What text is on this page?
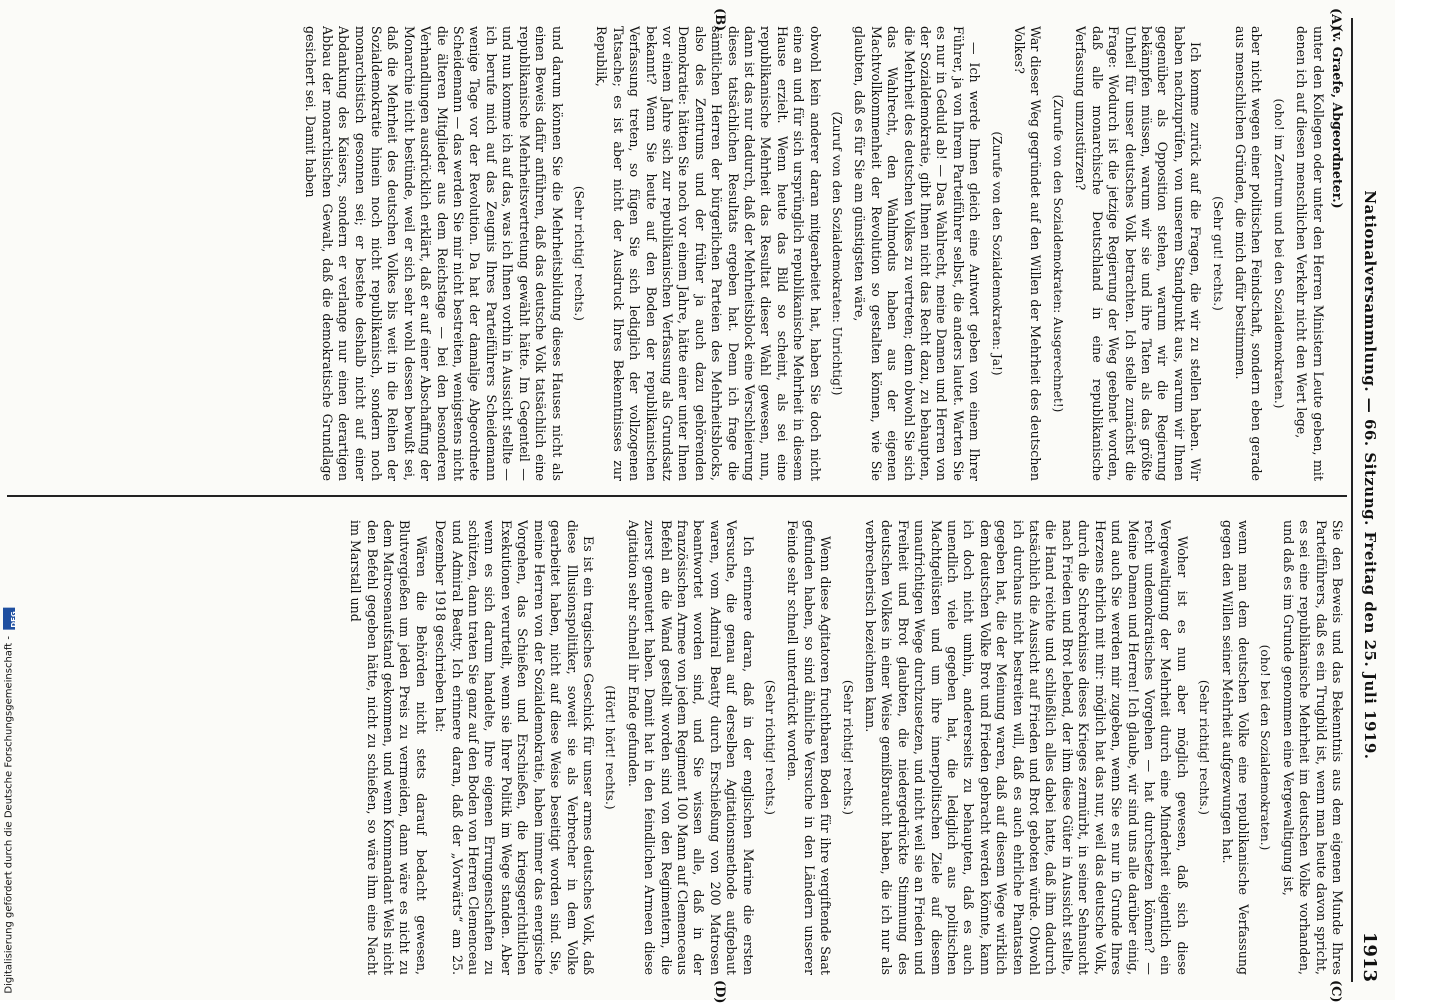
Nationalversammlung. — 66. Sitzung. Freitag den 25. Juli 1919.
1913
(A)
(B)
(C)
(D)

(v. Graefe, Abgeordneter.)

unter den Kollegen oder unter den Herren Ministern Leute geben, mit denen ich auf diesen menschlichen Verkehr nicht den Wert lege,

(oho! im Zentrum und bei den Sozialdemokraten.)

aber nicht wegen einer politischen Feindschaft, sondern eben gerade aus menschlichen Gründen, die mich dafür bestimmen.

(Sehr gut! rechts.)

Ich komme zurück auf die Fragen, die wir zu stellen haben. Wir haben nachzuprüfen, von unserem Standpunkt aus, warum wir Ihnen gegenüber als Opposition stehen, warum wir die Regierung bekämpfen müssen, warum wir sie und ihre Taten als das größte Unheil für unser deutsches Volk betrachten. Ich stelle zunächst die Frage: Wodurch ist die jetzige Regierung der Weg geebnet worden, daß alle monarchische Deutschland in eine republikanische Verfassung umzustürzen?

(Zurufe von den Sozialdemokraten: Ausgerechnet!)

War dieser Weg gegründet auf den Willen der Mehrheit des deutschen Volkes?

(Zurufe von den Sozialdemokraten: Ja!)

— Ich werde Ihnen gleich eine Antwort geben von einem Ihrer Führer, ja von Ihrem Parteiführer selbst, die anders lautet. Warten Sie es nur in Geduld ab! — Das Wahlrecht, meine Damen und Herren von der Sozialdemokratie, gibt Ihnen nicht das Recht dazu, zu behaupten, die Mehrheit des deutschen Volkes zu vertreten; denn obwohl Sie sich das Wahlrecht, den Wahlmodus haben aus der eigenen Machtvollkommenheit der Revolution so gestalten können, wie Sie glaubten, daß es für Sie am günstigsten wäre,

(Zuruf von den Sozialdemokraten: Unrichtig!)

obwohl kein anderer daran mitgearbeitet hat, haben Sie doch nicht eine an und für sich ursprünglich republikanische Mehrheit in diesem Hause erzielt. Wenn heute das Bild so scheint, als sei eine republikanische Mehrheit das Resultat dieser Wahl gewesen, nun, dann ist das nur dadurch, daß der Mehrheitsblock eine Verschleierung dieses tatsächlichen Resultats ergeben hat. Denn ich frage die sämtlichen Herren der bürgerlichen Parteien des Mehrheitsblocks, also des Zentrums und der früher ja auch dazu gehörenden Demokratie: hätten Sie noch vor einem Jahre, hätte einer unter Ihnen vor einem Jahre sich zur republikanischen Verfassung als Grundsatz bekannt? Wenn Sie heute auf den Boden der republikanischen Verfassung treten, so fügen Sie sich lediglich der vollzogenen Tatsache; es ist aber nicht der Ausdruck Ihres Bekenntnisses zur Republik,

(Sehr richtig! rechts.)

und darum können Sie die Mehrheitsbildung dieses Hauses nicht als einen Beweis dafür anführen, daß das deutsche Volk tatsächlich eine republikanische Mehrheitsvertretung gewählt hätte. Im Gegenteil — und nun komme ich auf das, was ich Ihnen vorhin in Aussicht stellte — ich berufe mich auf das Zeugnis Ihres Parteiführers Scheidemann wenige Tage vor der Revolution. Da hat der damalige Abgeordnete Scheidemann — das werden Sie mir nicht bestreiten, wenigstens nicht die älteren Mitglieder aus dem Reichstage — bei den besonderen Verhandlungen ausdrücklich erklärt, daß er auf einer Abschaffung der Monarchie nicht bestünde, weil er sich sehr wohl dessen bewußt sei, daß die Mehrheit des deutschen Volkes bis weit in die Reihen der Sozialdemokratie hinein noch nicht republikanisch, sondern noch monarchistisch gesonnen sei; er bestehe deshalb nicht auf einer Abdankung des Kaisers, sondern er verlange nur einen derartigen Abbau der monarchischen Gewalt, daß die demokratische Grundlage gesichert sei. Damit haben

Sie den Beweis und das Bekenntnis aus dem eigenen Munde Ihres Parteiführers, daß es ein Trugbild ist, wenn man heute davon spricht, es sei eine republikanische Mehrheit im deutschen Volke vorhanden, und daß es im Grunde genommen eine Vergewaltigung ist,

(oho! bei den Sozialdemokraten.)

wenn man dem deutschen Volke eine republikanische Verfassung gegen den Willen seiner Mehrheit aufgezwungen hat.

(Sehr richtig! rechts.)

Woher ist es nun aber möglich gewesen, daß sich diese Vergewaltigung der Mehrheit durch eine Minderheit eigentlich ein recht undemokratisches Vorgehen — hat durchsetzen können? — Meine Damen und Herren! Ich glaube, wir sind uns alle darüber einig, und auch Sie werden mir zugeben, wenn Sie es nur in Grunde Ihres Herzens ehrlich mit mir: möglich hat das nur, weil das deutsche Volk, durch die Schrecknisse dieses Krieges zermürbt, in seiner Sehnsucht nach Frieden und Brot lebend, der ihm diese Güter in Aussicht stellte, die Hand reichte und schließlich alles dabei hatte, daß ihm dadurch tatsächlich die Aussicht auf Frieden und Brot geboten würde. Obwohl ich durchaus nicht bestreiten will, daß es auch ehrliche Phantasten gegeben hat, die der Meinung waren, daß auf diesem Wege wirklich dem deutschen Volke Brot und Frieden gebracht werden könnte, kann ich doch nicht umhin, andererseits zu behaupten, daß es auch unendlich viele gegeben hat, die lediglich aus politischen Machtgelüsten und um ihre innerpolitischen Ziele auf diesem unaufrichtigen Wege durchzusetzen, und nicht weil sie an Frieden und Freiheit und Brot glaubten, die niedergedrückte Stimmung des deutschen Volkes in einer Weise gemißbraucht haben, die ich nur als verbrecherisch bezeichnen kann.

(Sehr richtig! rechts.)

Wenn diese Agitatoren fruchtbaren Boden für ihre vergiftende Saat gefunden haben, so sind ähnliche Versuche in den Ländern unserer Feinde sehr schnell unterdrückt worden.

(Sehr richtig! rechts.)

Ich erinnere daran, daß in der englischen Marine die ersten Versuche, die genau auf derselben Agitationsmethode aufgebaut waren, vom Admiral Beatty durch Erschießung von 200 Matrosen beantwortet worden sind, und Sie wissen alle, daß in der französischen Armee von jedem Regiment 100 Mann auf Clemenceaus Befehl an die Wand gestellt worden sind von den Regimentern, die zuerst gemeutert haben. Damit hat in den feindlichen Armeen diese Agitation sehr schnell ihr Ende gefunden.

(Hört! hört! rechts.)

Es ist ein tragisches Geschick für unser armes deutsches Volk, daß diese Illusionspolitiker, soweit sie als Verbrecher in dem Volke gearbeitet haben, nicht auf diese Weise beseitigt worden sind. Sie, meine Herren von der Sozialdemokratie, haben immer das energische Vorgehen, das Schießen und Erschießen, die kriegsgerichtlichen Exekutionen verurteilt, wenn sie Ihrer Politik im Wege standen. Aber wenn es sich darum handelte, Ihre eigenen Errungenschaften zu schützen, dann traten Sie ganz auf den Boden von Herren Clemenceau und Admiral Beatty. Ich erinnere daran, daß der „Vorwärts“ am 25. Dezember 1918 geschrieben hat:

Wären die Behörden nicht stets darauf bedacht gewesen, Blutvergießen um jeden Preis zu vermeiden, dann wäre es nicht zu dem Matrosenaufstand gekommen, und wenn Kommandant Wels nicht den Befehl gegeben hätte, nicht zu schießen, so wäre ihm eine Nacht im Marstall und

Digitalisierung gefördert durch die Deutsche Forschungsgemeinschaft -
DFG
